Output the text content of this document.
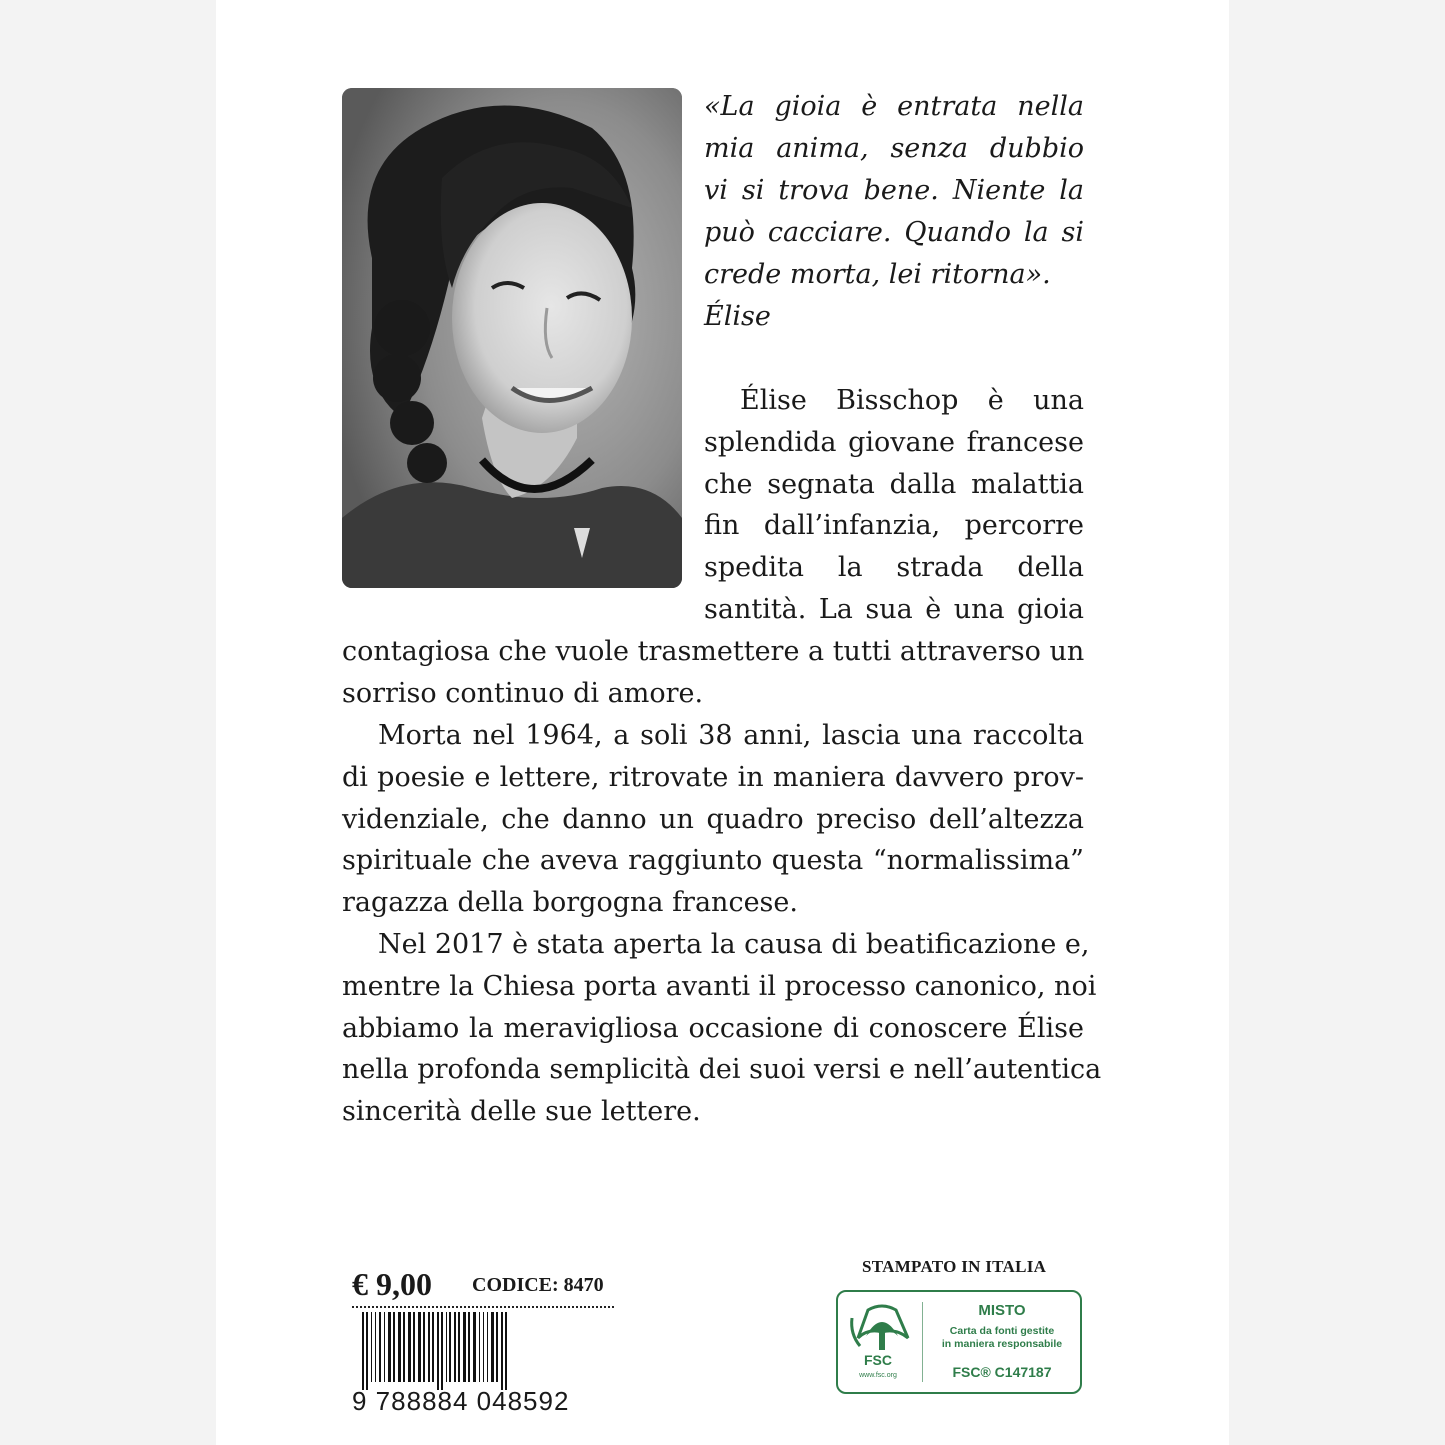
«La gioia è entrata nella
mia anima, senza dubbio
vi si trova bene. Niente la
può cacciare. Quando la si
crede morta, lei ritorna».
Élise
Élise Bisschop è una
splendida giovane francese
che segnata dalla malattia
fin dall’infanzia, percorre
spedita la strada della
santità. La sua è una gioia
contagiosa che vuole trasmettere a tutti attraverso un
sorriso continuo di amore.
Morta nel 1964, a soli 38 anni, lascia una raccolta
di poesie e lettere, ritrovate in maniera davvero prov-
videnziale, che danno un quadro preciso dell’altezza
spirituale che aveva raggiunto questa “normalissima”
ragazza della borgogna francese.
Nel 2017 è stata aperta la causa di beatificazione e,
mentre la Chiesa porta avanti il processo canonico, noi
abbiamo la meravigliosa occasione di conoscere Élise
nella profonda semplicità dei suoi versi e nell’autentica
sincerità delle sue lettere.
€ 9,00 CODICE: 8470
9 788884 048592
STAMPATO IN ITALIA
FSC
www.fsc.org
MISTO
Carta da fonti gestite
in maniera responsabile
FSC® C147187
